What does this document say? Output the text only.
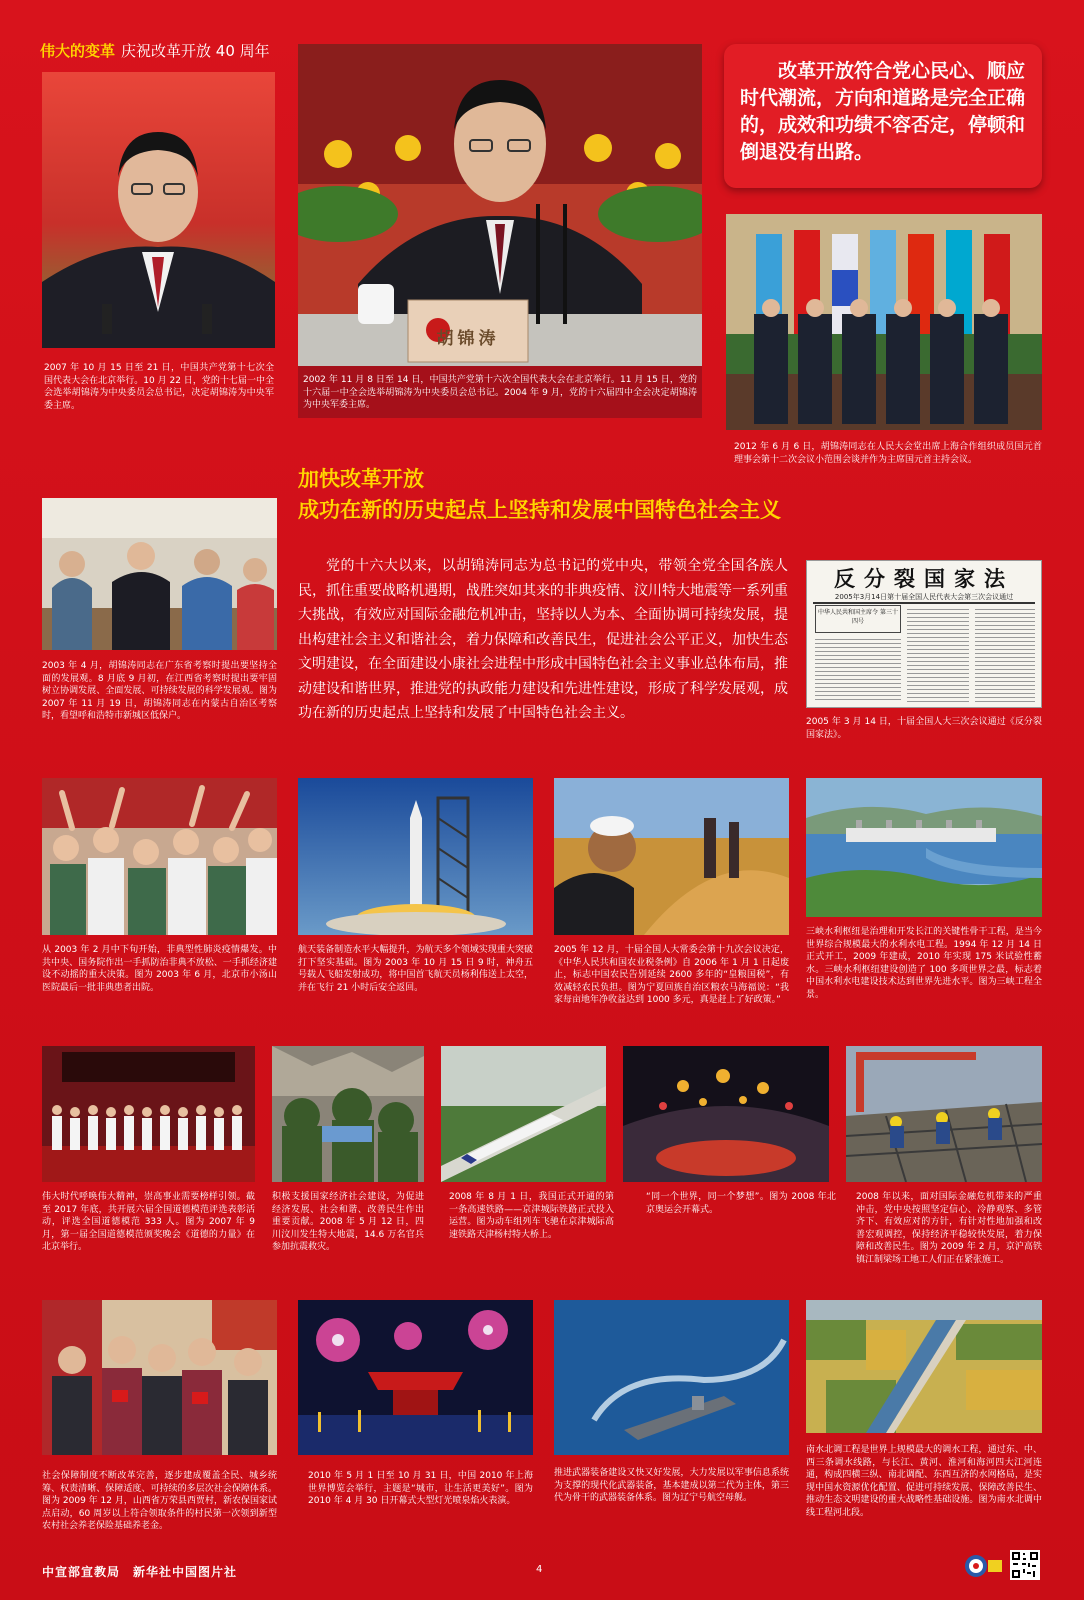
伟大的变革 庆祝改革开放 40 周年
2007 年 10 月 15 日至 21 日，中国共产党第十七次全国代表大会在北京举行。10 月 22 日，党的十七届一中全会选举胡锦涛为中央委员会总书记，决定胡锦涛为中央军委主席。
胡锦涛
2002 年 11 月 8 日至 14 日，中国共产党第十六次全国代表大会在北京举行。11 月 15 日，党的十六届一中全会选举胡锦涛为中央委员会总书记。2004 年 9 月，党的十六届四中全会决定胡锦涛为中央军委主席。
改革开放符合党心民心、顺应时代潮流，方向和道路是完全正确的，成效和功绩不容否定，停顿和倒退没有出路。
2012 年 6 月 6 日，胡锦涛同志在人民大会堂出席上海合作组织成员国元首理事会第十二次会议小范围会谈并作为主席国元首主持会议。
加快改革开放
成功在新的历史起点上坚持和发展中国特色社会主义
2003 年 4 月，胡锦涛同志在广东省考察时提出要坚持全面的发展观。8 月底 9 月初，在江西省考察时提出要牢固树立协调发展、全面发展、可持续发展的科学发展观。图为 2007 年 11 月 19 日，胡锦涛同志在内蒙古自治区考察时，看望呼和浩特市新城区低保户。
党的十六大以来，以胡锦涛同志为总书记的党中央，带领全党全国各族人民，抓住重要战略机遇期，战胜突如其来的非典疫情、汶川特大地震等一系列重大挑战，有效应对国际金融危机冲击，坚持以人为本、全面协调可持续发展，提出构建社会主义和谐社会，着力保障和改善民生，促进社会公平正义，加快生态文明建设，在全面建设小康社会进程中形成中国特色社会主义事业总体布局，推动建设和谐世界，推进党的执政能力建设和先进性建设，形成了科学发展观，成功在新的历史起点上坚持和发展了中国特色社会主义。
反分裂国家法
2005年3月14日第十届全国人民代表大会第三次会议通过
中华人民共和国主席令 第三十四号
2005 年 3 月 14 日，十届全国人大三次会议通过《反分裂国家法》。
从 2003 年 2 月中下旬开始，非典型性肺炎疫情爆发。中共中央、国务院作出一手抓防治非典不放松、一手抓经济建设不动摇的重大决策。图为 2003 年 6 月，北京市小汤山医院最后一批非典患者出院。
航天装备制造水平大幅提升，为航天多个领域实现重大突破打下坚实基础。图为 2003 年 10 月 15 日 9 时，神舟五号载人飞船发射成功，将中国首飞航天员杨利伟送上太空，并在飞行 21 小时后安全返回。
2005 年 12 月，十届全国人大常委会第十九次会议决定，《中华人民共和国农业税条例》自 2006 年 1 月 1 日起废止，标志中国农民告别延续 2600 多年的“皇粮国税”，有效减轻农民负担。图为宁夏回族自治区粮农马海福说：“我家每亩地年净收益达到 1000 多元，真是赶上了好政策。”
三峡水利枢纽是治理和开发长江的关键性骨干工程，是当今世界综合规模最大的水利水电工程。1994 年 12 月 14 日正式开工，2009 年建成，2010 年实现 175 米试验性蓄水。三峡水利枢纽建设创造了 100 多项世界之最，标志着中国水利水电建设技术达到世界先进水平。图为三峡工程全景。
伟大时代呼唤伟大精神，崇高事业需要榜样引领。截至 2017 年底，共开展六届全国道德模范评选表彰活动，评选全国道德模范 333 人。图为 2007 年 9 月，第一届全国道德模范颁奖晚会《道德的力量》在北京举行。
积极支援国家经济社会建设，为促进经济发展、社会和谐、改善民生作出重要贡献。2008 年 5 月 12 日，四川汶川发生特大地震，14.6 万名官兵参加抗震救灾。
2008 年 8 月 1 日，我国正式开通的第一条高速铁路——京津城际铁路正式投入运营。图为动车组列车飞驰在京津城际高速铁路天津杨村特大桥上。
“同一个世界，同一个梦想”。图为 2008 年北京奥运会开幕式。
2008 年以来，面对国际金融危机带来的严重冲击，党中央按照坚定信心、冷静观察、多管齐下、有效应对的方针，有针对性地加强和改善宏观调控，保持经济平稳较快发展，着力保障和改善民生。图为 2009 年 2 月，京沪高铁镇江制梁场工地工人们正在紧张施工。
社会保障制度不断改革完善，逐步建成覆盖全民、城乡统筹、权责清晰、保障适度、可持续的多层次社会保障体系。图为 2009 年 12 月，山西省万荣县西贾村，新农保国家试点启动，60 周岁以上符合领取条件的村民第一次领到新型农村社会养老保险基础养老金。
2010 年 5 月 1 日至 10 月 31 日，中国 2010 年上海世界博览会举行，主题是“城市，让生活更美好”。图为 2010 年 4 月 30 日开幕式大型灯光喷泉焰火表演。
推进武器装备建设又快又好发展，大力发展以军事信息系统为支撑的现代化武器装备，基本建成以第二代为主体，第三代为骨干的武器装备体系。图为辽宁号航空母舰。
南水北调工程是世界上规模最大的调水工程，通过东、中、西三条调水线路，与长江、黄河、淮河和海河四大江河连通，构成四横三纵、南北调配、东西互济的水网格局，是实现中国水资源优化配置、促进可持续发展、保障改善民生、推动生态文明建设的重大战略性基础设施。图为南水北调中线工程河北段。
中宣部宣教局　新华社中国图片社	4
